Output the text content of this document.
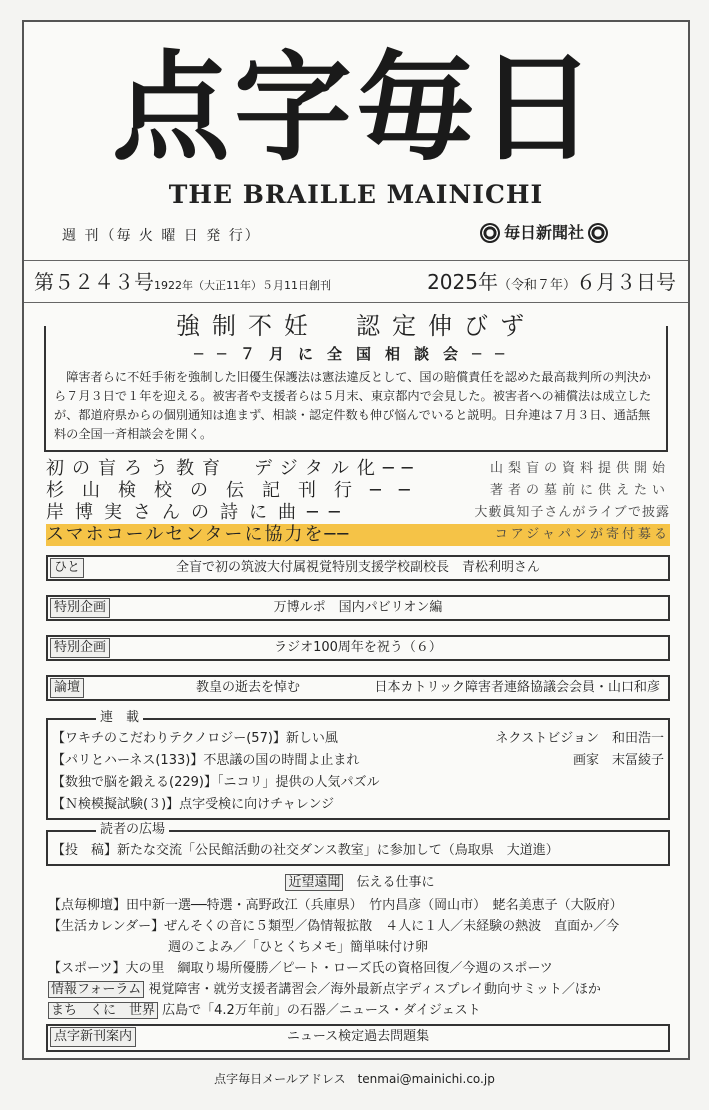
点字毎日
THE BRAILLE MAINICHI
週 刊（毎 火 曜 日 発 行）	毎日新聞社
第５２４３号1922年（大正11年）５月11日創刊	2025年（令和７年）６月３日号
強制不妊　認定伸びず
──７月に全国相談会──
障害者らに不妊手術を強制した旧優生保護法は憲法違反として、国の賠償責任を認めた最高裁判所の判決から７月３日で１年を迎える。被害者や支援者らは５月末、東京都内で会見した。被害者への補償法は成立したが、都道府県からの個別通知は進まず、相談・認定件数も伸び悩んでいると説明。日弁連は７月３日、通話無料の全国一斉相談会を開く。
初の盲ろう教育　デジタル化──	山梨盲の資料提供開始
杉山検校の伝記刊行──	著者の墓前に供えたい
岸博実さんの詩に曲──	大藪眞知子さんがライブで披露
スマホコールセンターに協力を──	コアジャパンが寄付募る
ひと	全盲で初の筑波大付属視覚特別支援学校副校長　青松利明さん
特別企画	万博ルポ　国内パビリオン編
特別企画	ラジオ100周年を祝う（６）
論壇	教皇の逝去を悼む	日本カトリック障害者連絡協議会会員・山口和彦
連　載
【ワキチのこだわりテクノロジー(57)】新しい風	ネクストビジョン　和田浩一
【パリとハーネス(133)】不思議の国の時間よ止まれ	画家　末冨綾子
【数独で脳を鍛える(229)】「ニコリ」提供の人気パズル
【Ｎ検模擬試験(３)】点字受検に向けチャレンジ
読者の広場
【投　稿】新たな交流「公民館活動の社交ダンス教室」に参加して（鳥取県　大道進）
近望遠聞　 伝える仕事に
【点毎柳壇】田中新一選──特選・高野政江（兵庫県）　竹内昌彦（岡山市）　蛯名美恵子（大阪府）
【生活カレンダー】ぜんそくの音に５類型／偽情報拡散　４人に１人／未経験の熱波　直面か／今
週のこよみ／「ひとくちメモ」簡単味付け卵
【スポーツ】大の里　綱取り場所優勝／ピート・ローズ氏の資格回復／今週のスポーツ
情報フォーラム 視覚障害・就労支援者講習会／海外最新点字ディスプレイ動向サミット／ほか
まち　くに　世界 広島で「4.2万年前」の石器／ニュース・ダイジェスト
点字新刊案内	ニュース検定過去問題集
点字毎日メールアドレス　 tenmai@mainichi.co.jp
